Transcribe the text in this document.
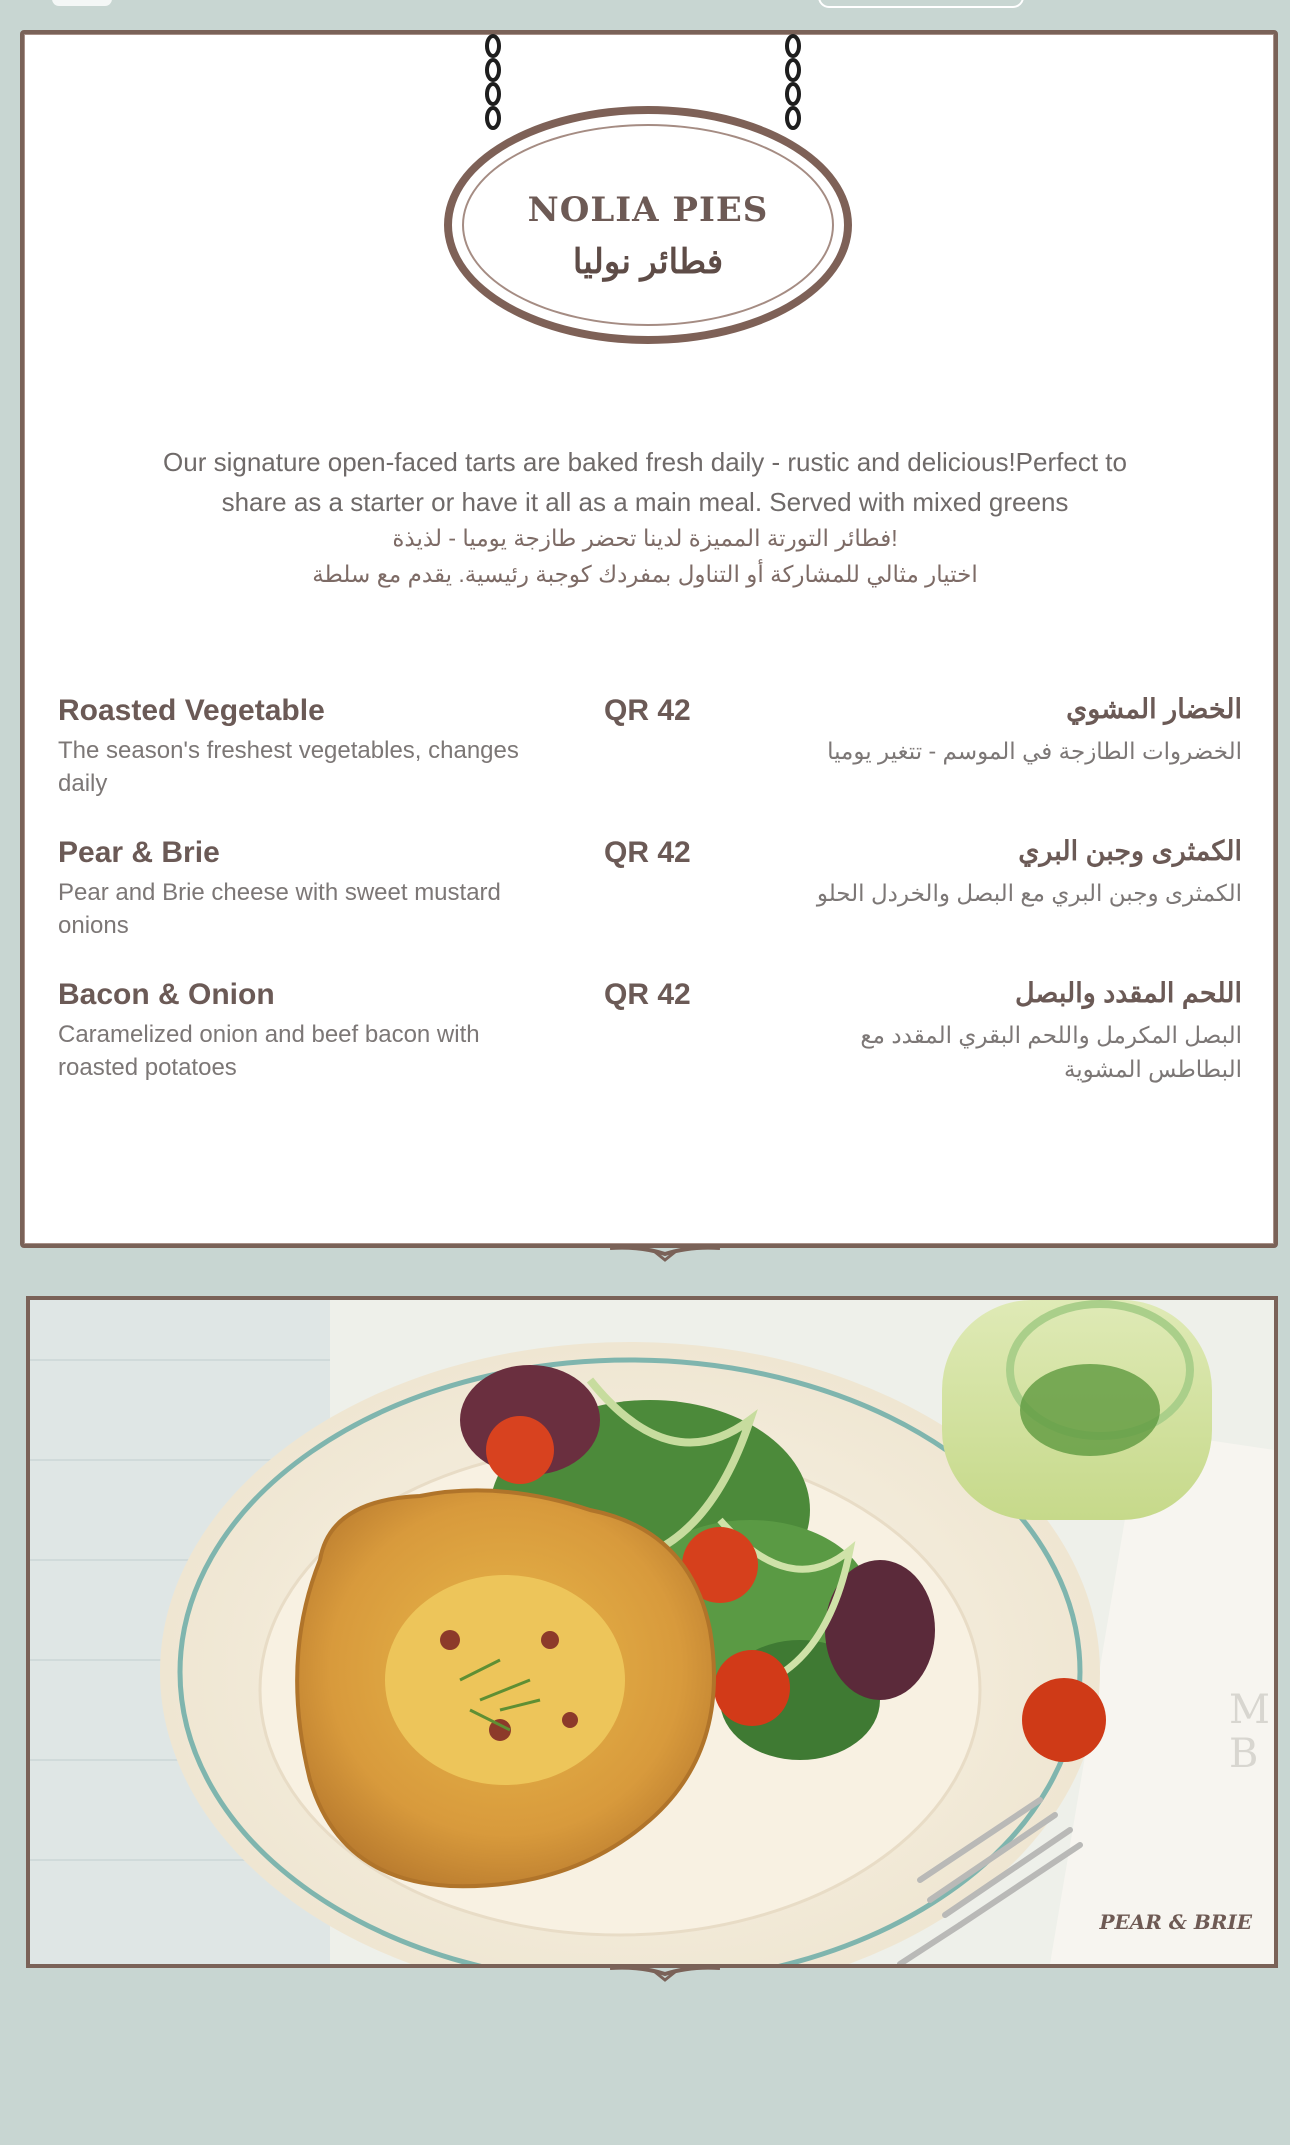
NOLIA PIES
فطائر نوليا
Our signature open-faced tarts are baked fresh daily - rustic and delicious!Perfect to share as a starter or have it all as a main meal. Served with mixed greens
فطائر التورتة المميزة لدينا تحضر طازجة يوميا - لذيذة!
اختيار مثالي للمشاركة أو التناول بمفردك كوجبة رئيسية. يقدم مع سلطة
Roasted Vegetable
The season's freshest vegetables, changes daily
QR 42	الخضار المشوي
الخضروات الطازجة في الموسم - تتغير يوميا
Pear & Brie
Pear and Brie cheese with sweet mustard onions
QR 42	الكمثرى وجبن البري
الكمثرى وجبن البري مع البصل والخردل الحلو
Bacon & Onion
Caramelized onion and beef bacon with roasted potatoes
QR 42	اللحم المقدد والبصل
البصل المكرمل واللحم البقري المقدد مع البطاطس المشوية
M
B
PEAR & BRIE
